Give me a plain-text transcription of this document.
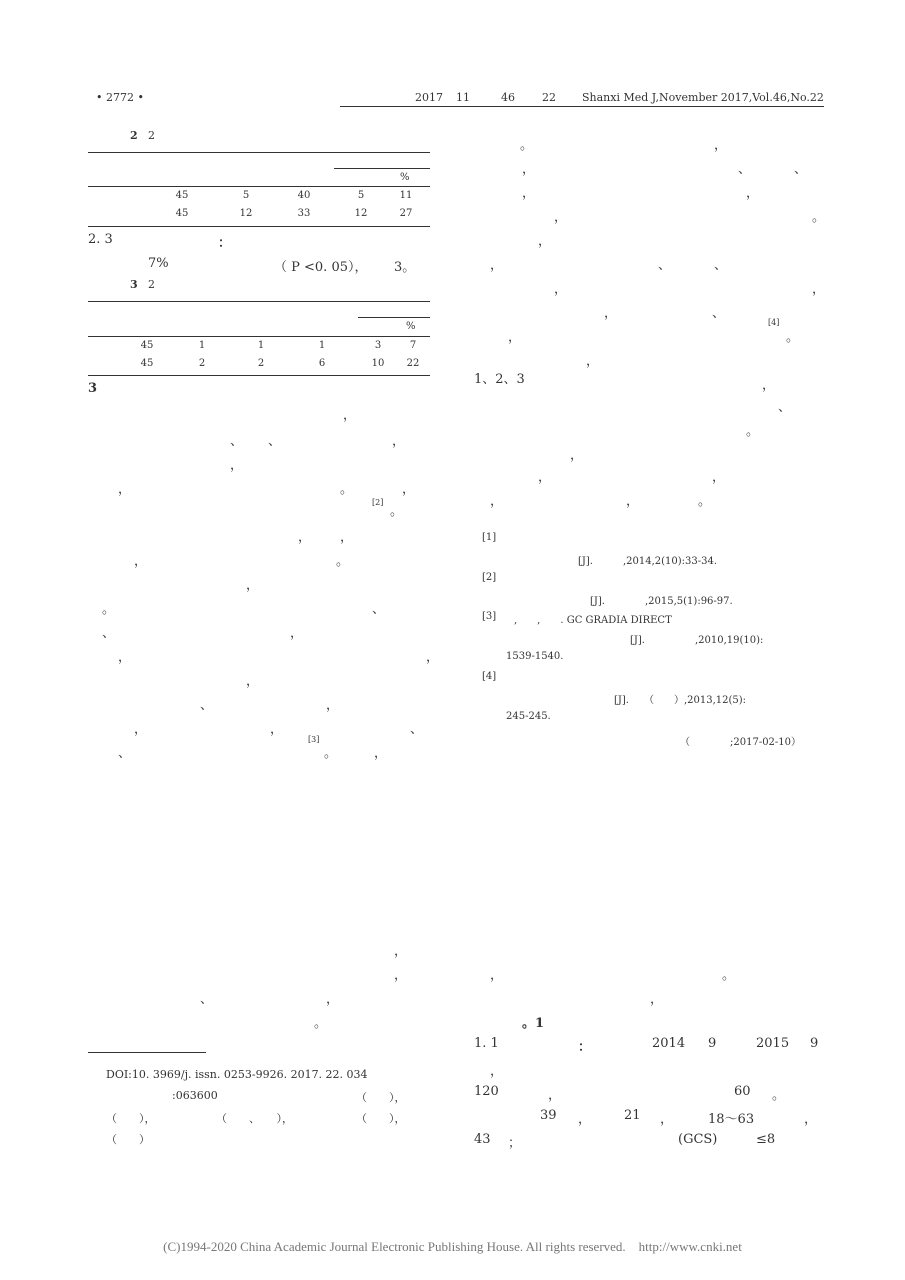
• 2772 •	2017 11	46 22 Shanxi Med J,November 2017,Vol.46,No.22
2 2
%
45	5	40	5	11
45	12	33	12	27
2. 3	：
7%	（ P <0. 05）， 3。
3 2
%
45	1	1	1	3	7
45	2	2	6	10	22
3
，
、 、	，
，
，	。	，
。
， ，
，	。
，
。	、
、	，
，	，
，
、	，
，	，	、
、	。	，
[2]
[3]
。	，
，	、	、
，	，
，	。
，
，	、	、
，	，
，	、
，	。
，
，
、
。
，
，	，
，	，	。
[4]
1、2、3
[1]
[J].　　　,2014,2(10):33-34.
[2]
[J].　　　　,2015,5(1):96-97.
[3] ,　　,　　. GC GRADIA DIRECT
[J].　　　　　,2010,19(10):
1539-1540.
[4]
[J].　　（　　）,2013,12(5):
245-245.
（　　　　;2017-02-10）
，
，
、	，
。
DOI:10. 3969/j. issn. 0253-9926. 2017. 22. 034
:063600	（　　），
（　　），	（　　、　　），	（　　），
（　　）
，	。
，
，
，
，	，	，
。1
1. 1	：	2014 9	2015 9
120	60 。
39	21	18～63
43 ；	(GCS)	≤8
(C)1994-2020 China Academic Journal Electronic Publishing House. All rights reserved.　http://www.cnki.net
